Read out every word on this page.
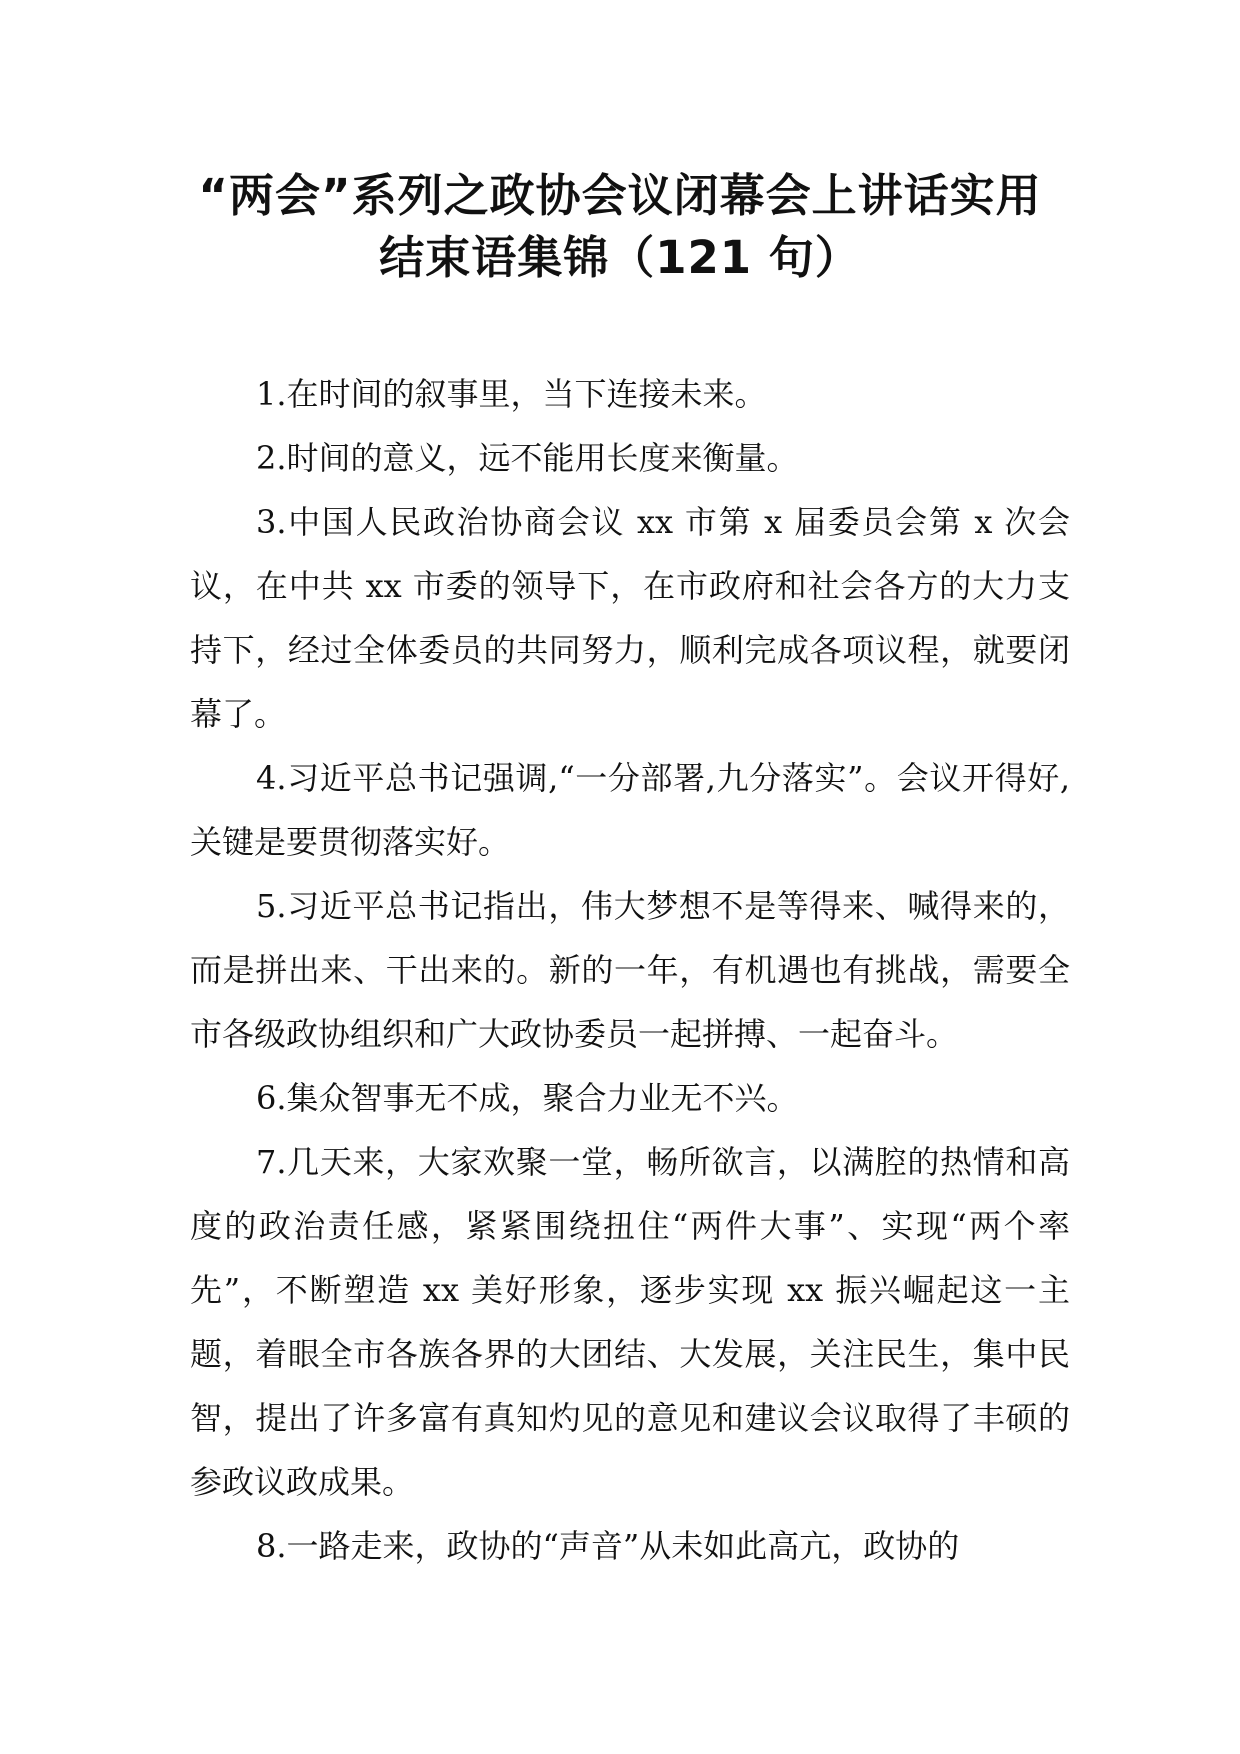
“两会”系列之政协会议闭幕会上讲话实用
结束语集锦（121 句）

1.在时间的叙事里，当下连接未来。

2.时间的意义，远不能用长度来衡量。

3.中国人民政治协商会议 xx 市第 x 届委员会第 x 次会议，在中共 xx 市委的领导下，在市政府和社会各方的大力支持下，经过全体委员的共同努力，顺利完成各项议程，就要闭幕了。

4.习近平总书记强调,“一分部署,九分落实”。会议开得好,关键是要贯彻落实好。

5.习近平总书记指出，伟大梦想不是等得来、喊得来的，而是拼出来、干出来的。新的一年，有机遇也有挑战，需要全市各级政协组织和广大政协委员一起拼搏、一起奋斗。

6.集众智事无不成，聚合力业无不兴。

7.几天来，大家欢聚一堂，畅所欲言，以满腔的热情和高度的政治责任感，紧紧围绕扭住“两件大事”、实现“两个率先”，不断塑造 xx 美好形象，逐步实现 xx 振兴崛起这一主题，着眼全市各族各界的大团结、大发展，关注民生，集中民智，提出了许多富有真知灼见的意见和建议会议取得了丰硕的参政议政成果。

8.一路走来，政协的“声音”从未如此高亢，政协的
